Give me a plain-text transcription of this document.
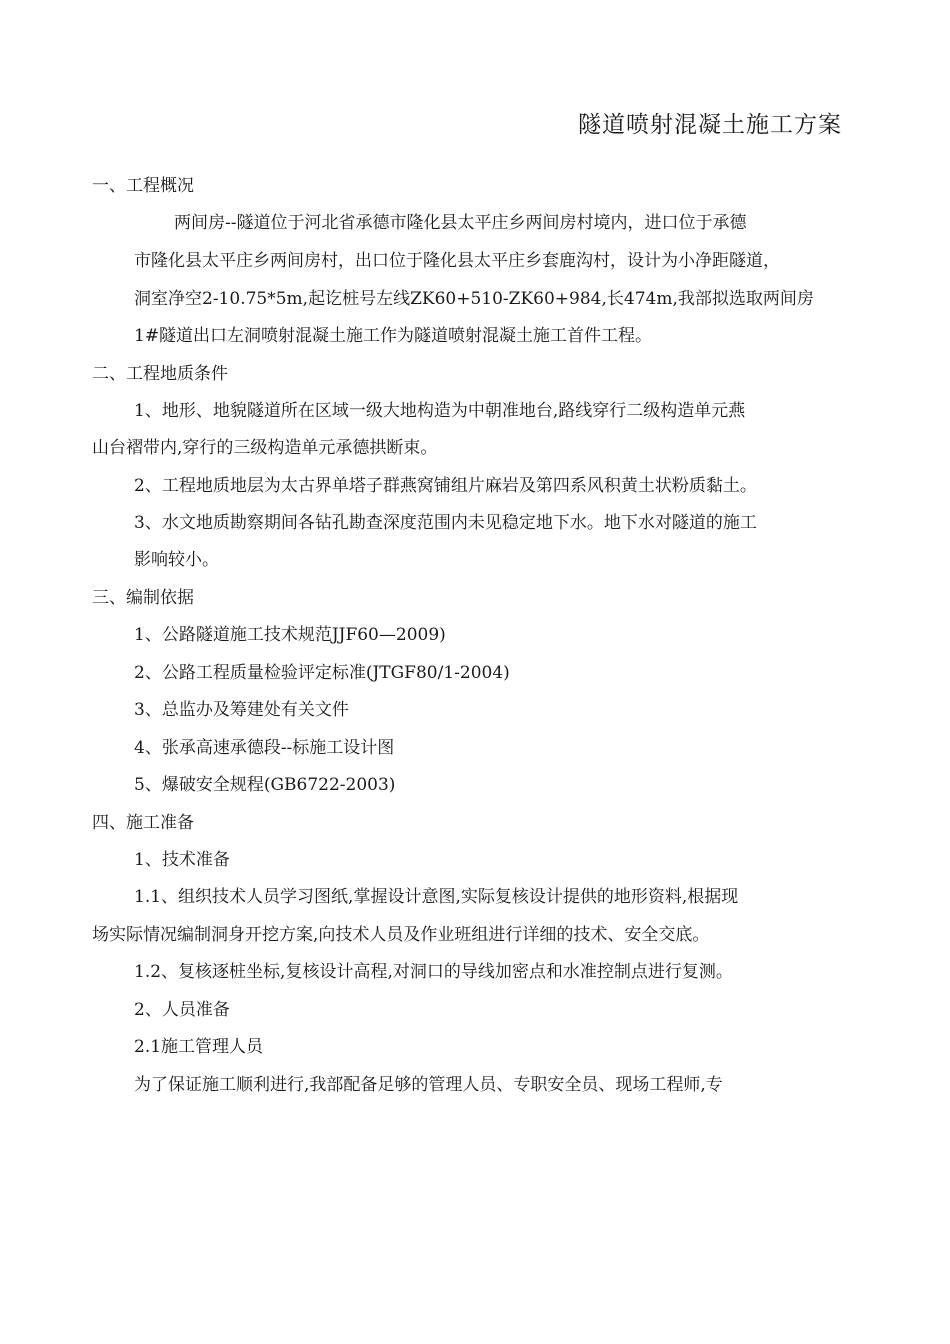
隧道喷射混凝土施工方案
一、工程概况
两间房--隧道位于河北省承德市隆化县太平庄乡两间房村境内，进口位于承德
市隆化县太平庄乡两间房村，出口位于隆化县太平庄乡套鹿沟村，设计为小净距隧道，
洞室净空2-10.75*5m,起讫桩号左线ZK60+510-ZK60+984,长474m,我部拟选取两间房
1#隧道出口左洞喷射混凝土施工作为隧道喷射混凝土施工首件工程。
二、工程地质条件
1、地形、地貌隧道所在区域一级大地构造为中朝准地台,路线穿行二级构造单元燕
山台褶带内,穿行的三级构造单元承德拱断束。
2、工程地质地层为太古界单塔子群燕窝铺组片麻岩及第四系风积黄土状粉质黏土。
3、水文地质勘察期间各钻孔勘查深度范围内未见稳定地下水。地下水对隧道的施工
影响较小。
三、编制依据
1、公路隧道施工技术规范JJF60—2009)
2、公路工程质量检验评定标准(JTGF80/1-2004)
3、总监办及筹建处有关文件
4、张承高速承德段--标施工设计图
5、爆破安全规程(GB6722-2003)
四、施工准备
1、技术准备
1.1、组织技术人员学习图纸,掌握设计意图,实际复核设计提供的地形资料,根据现
场实际情况编制洞身开挖方案,向技术人员及作业班组进行详细的技术、安全交底。
1.2、复核逐桩坐标,复核设计高程,对洞口的导线加密点和水准控制点进行复测。
2、人员准备
2.1施工管理人员
为了保证施工顺利进行,我部配备足够的管理人员、专职安全员、现场工程师,专
